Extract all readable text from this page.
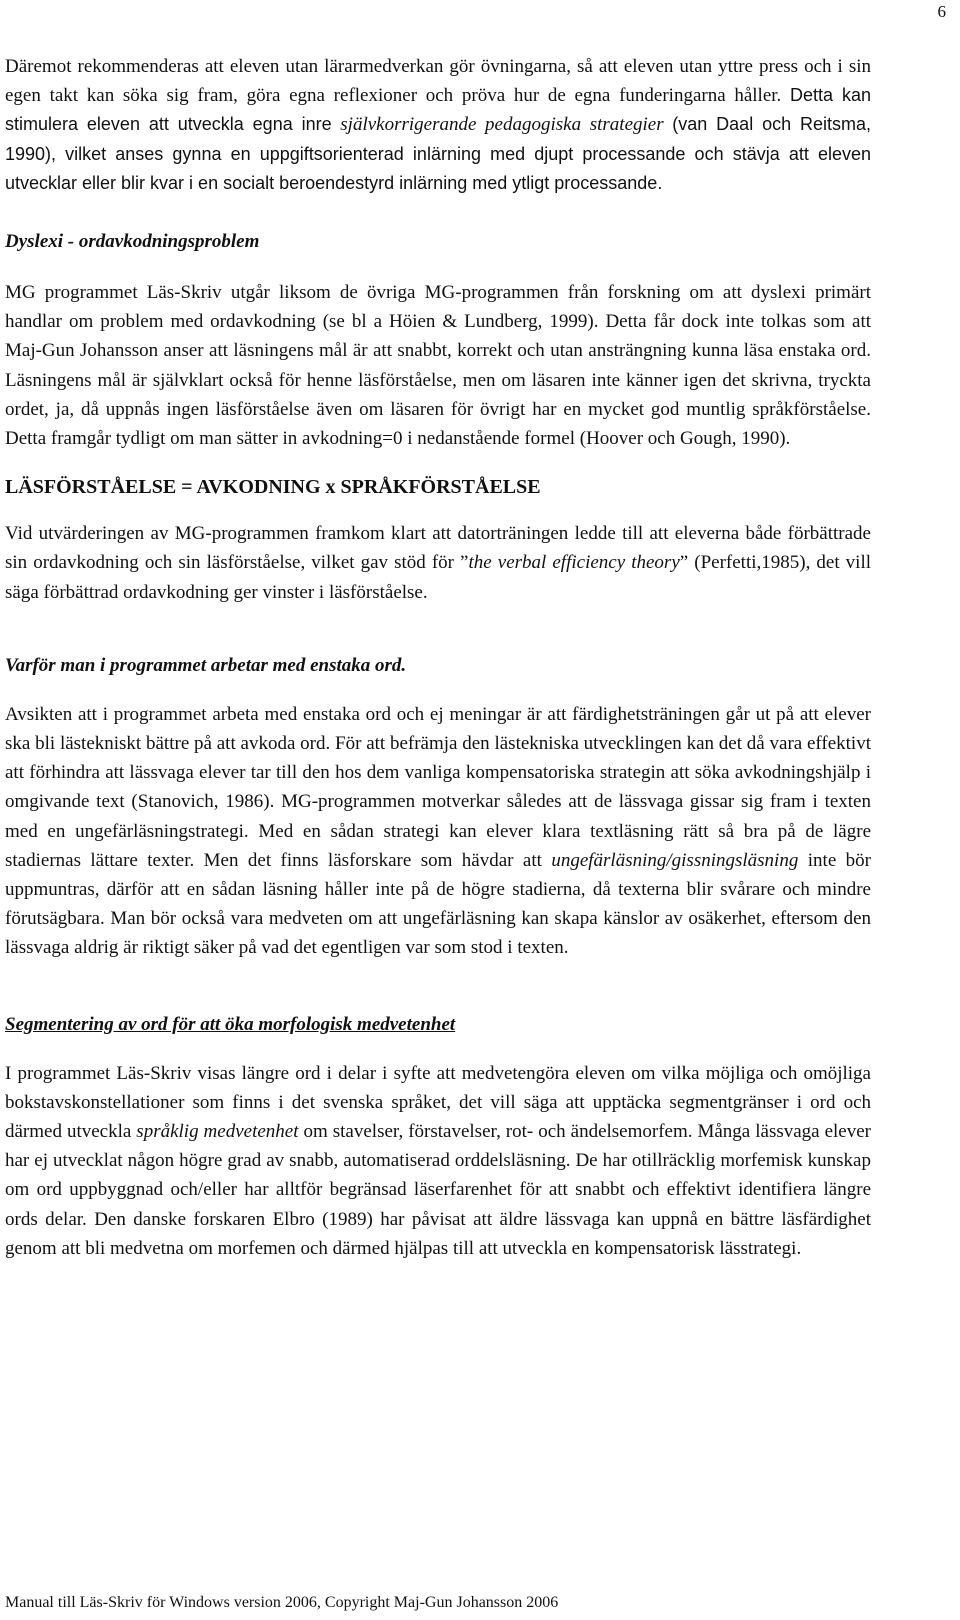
6

Däremot rekommenderas att eleven utan lärarmedverkan gör övningarna, så att eleven utan yttre press och i sin egen takt kan söka sig fram, göra egna reflexioner och pröva hur de egna funderingarna håller. Detta kan stimulera eleven att utveckla egna inre självkorrigerande pedagogiska strategier (van Daal och Reitsma, 1990), vilket anses gynna en uppgiftsorienterad inlärning med djupt processande och stävja att eleven utvecklar eller blir kvar i en socialt beroendestyrd inlärning med ytligt processande.

Dyslexi - ordavkodningsproblem

MG programmet Läs-Skriv utgår liksom de övriga MG-programmen från forskning om att dyslexi primärt handlar om problem med ordavkodning (se bl a Höien & Lundberg, 1999). Detta får dock inte tolkas som att Maj-Gun Johansson anser att läsningens mål är att snabbt, korrekt och utan ansträngning kunna läsa enstaka ord. Läsningens mål är självklart också för henne läsförståelse, men om läsaren inte känner igen det skrivna, tryckta ordet, ja, då uppnås ingen läsförståelse även om läsaren för övrigt har en mycket god muntlig språkförståelse. Detta framgår tydligt om man sätter in avkodning=0 i nedanstående formel (Hoover och Gough, 1990).

LÄSFÖRSTÅELSE = AVKODNING x SPRÅKFÖRSTÅELSE

Vid utvärderingen av MG-programmen framkom klart att datorträningen ledde till att eleverna både förbättrade sin ordavkodning och sin läsförståelse, vilket gav stöd för ”the verbal efficiency theory” (Perfetti,1985), det vill säga förbättrad ordavkodning ger vinster i läsförståelse.

Varför man i programmet arbetar med enstaka ord.

Avsikten att i programmet arbeta med enstaka ord och ej meningar är att färdighetsträningen går ut på att elever ska bli lästekniskt bättre på att avkoda ord. För att befrämja den lästekniska utvecklingen kan det då vara effektivt att förhindra att lässvaga elever tar till den hos dem vanliga kompensatoriska strategin att söka avkodningshjälp i omgivande text (Stanovich, 1986). MG-programmen motverkar således att de lässvaga gissar sig fram i texten med en ungefärläsningstrategi. Med en sådan strategi kan elever klara textläsning rätt så bra på de lägre stadiernas lättare texter. Men det finns läsforskare som hävdar att ungefärläsning/gissningsläsning inte bör uppmuntras, därför att en sådan läsning håller inte på de högre stadierna, då texterna blir svårare och mindre förutsägbara. Man bör också vara medveten om att ungefärläsning kan skapa känslor av osäkerhet, eftersom den lässvaga aldrig är riktigt säker på vad det egentligen var som stod i texten.

Segmentering av ord för att öka morfologisk medvetenhet

I programmet Läs-Skriv visas längre ord i delar i syfte att medvetengöra eleven om vilka möjliga och omöjliga bokstavskonstellationer som finns i det svenska språket, det vill säga att upptäcka segmentgränser i ord och därmed utveckla språklig medvetenhet om stavelser, förstavelser, rot- och ändelsemorfem. Många lässvaga elever har ej utvecklat någon högre grad av snabb, automatiserad orddelsläsning. De har otillräcklig morfemisk kunskap om ord uppbyggnad och/eller har alltför begränsad läserfarenhet för att snabbt och effektivt identifiera längre ords delar. Den danske forskaren Elbro (1989) har påvisat att äldre lässvaga kan uppnå en bättre läsfärdighet genom att bli medvetna om morfemen och därmed hjälpas till att utveckla en kompensatorisk lässtrategi.

Manual till Läs-Skriv för Windows version 2006, Copyright Maj-Gun Johansson 2006
